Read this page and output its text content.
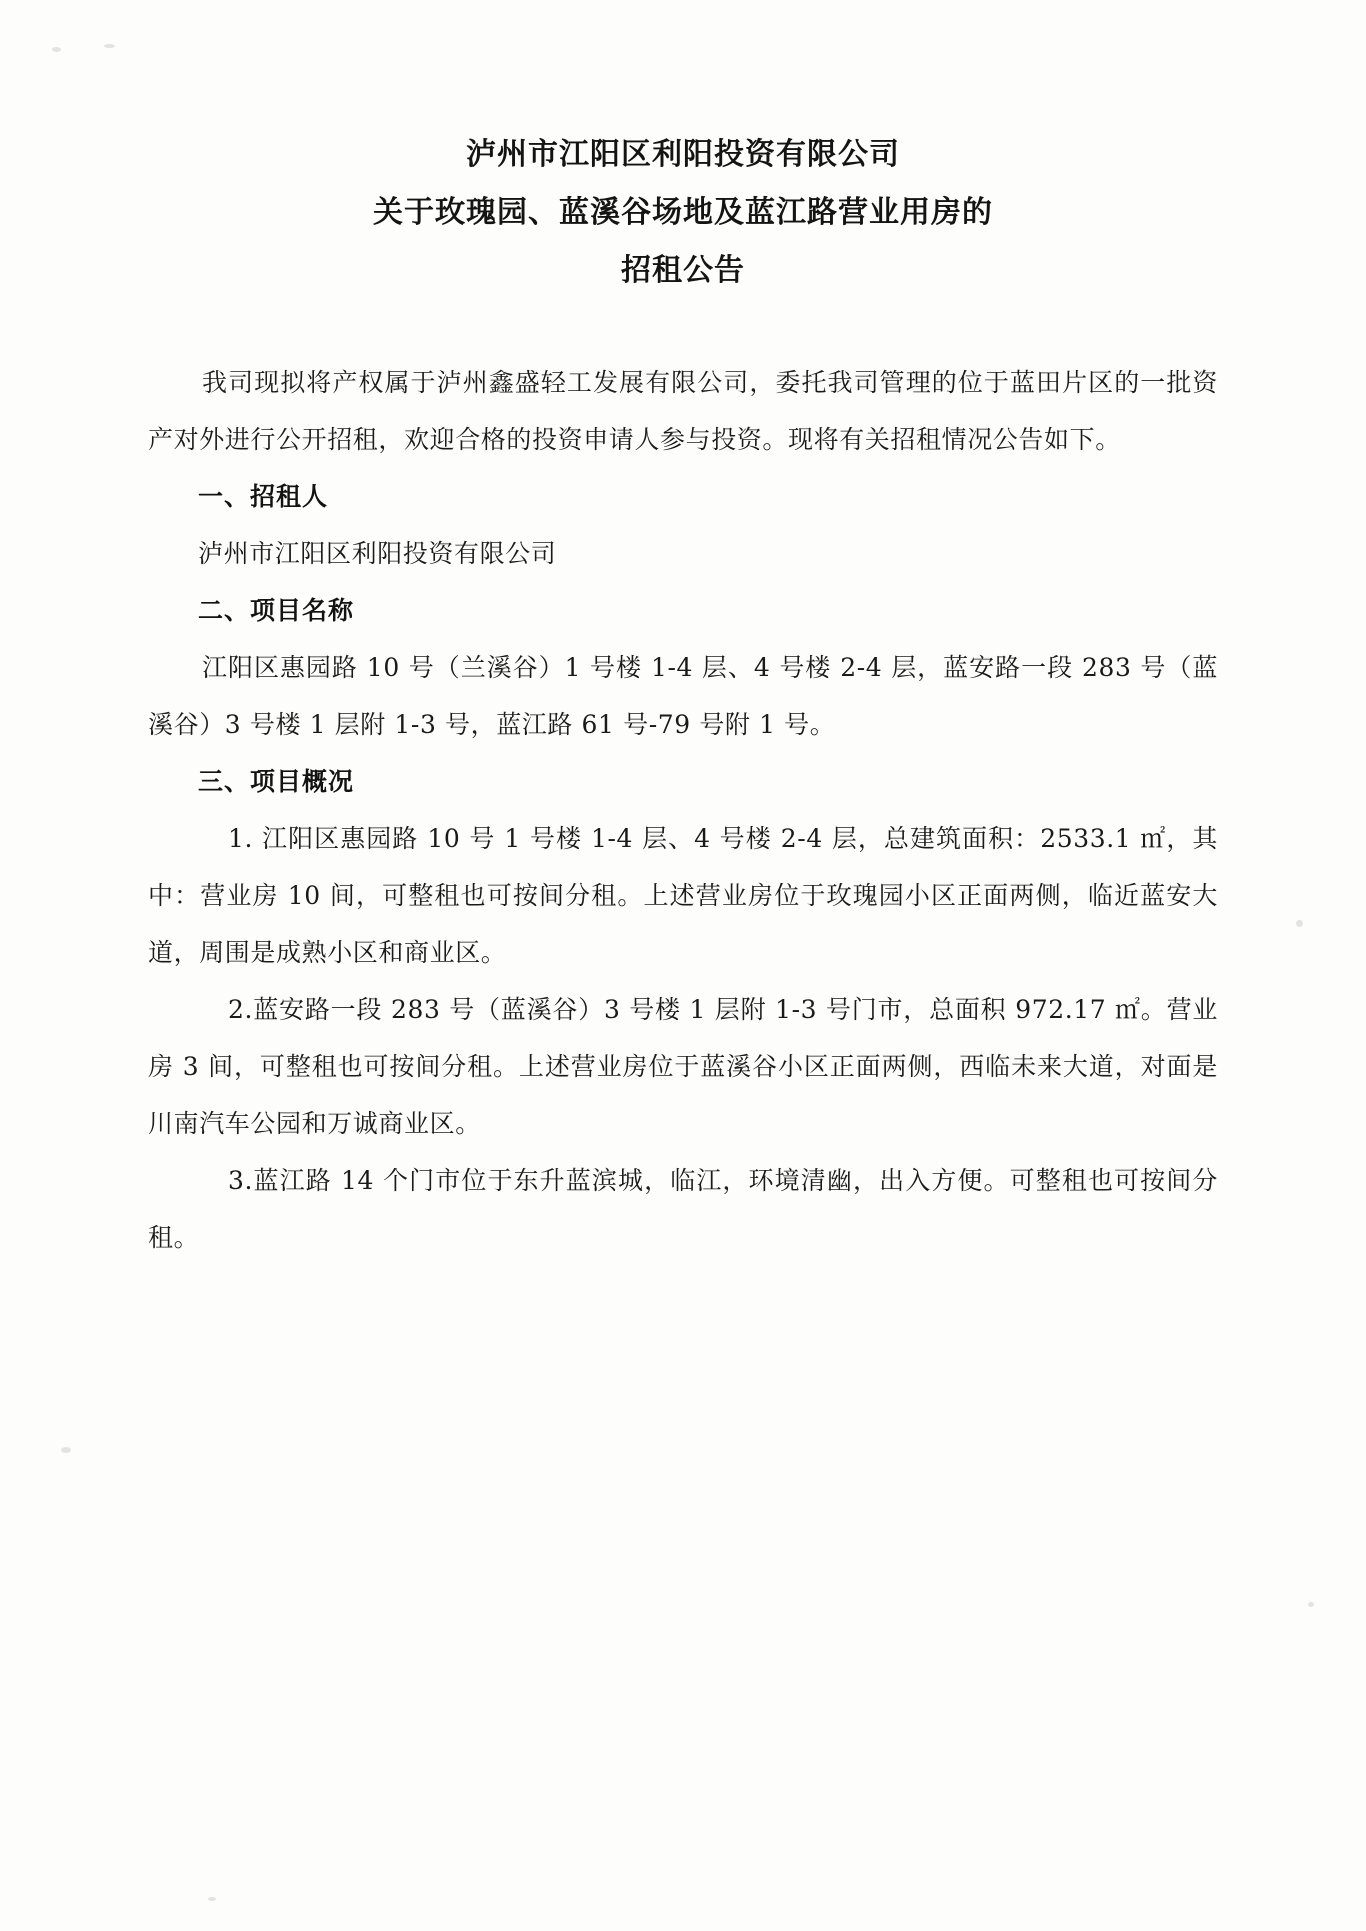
泸州市江阳区利阳投资有限公司
关于玫瑰园、蓝溪谷场地及蓝江路营业用房的
招租公告

我司现拟将产权属于泸州鑫盛轻工发展有限公司，委托我司管理的位于蓝田片区的一批资产对外进行公开招租，欢迎合格的投资申请人参与投资。现将有关招租情况公告如下。

一、招租人

泸州市江阳区利阳投资有限公司

二、项目名称

江阳区惠园路 10 号（兰溪谷）1 号楼 1-4 层、4 号楼 2-4 层，蓝安路一段 283 号（蓝溪谷）3 号楼 1 层附 1-3 号，蓝江路 61 号-79 号附 1 号。

三、项目概况

1. 江阳区惠园路 10 号 1 号楼 1-4 层、4 号楼 2-4 层，总建筑面积：2533.1 ㎡，其中：营业房 10 间，可整租也可按间分租。上述营业房位于玫瑰园小区正面两侧，临近蓝安大道，周围是成熟小区和商业区。

2.蓝安路一段 283 号（蓝溪谷）3 号楼 1 层附 1-3 号门市，总面积 972.17 ㎡。营业房 3 间，可整租也可按间分租。上述营业房位于蓝溪谷小区正面两侧，西临未来大道，对面是川南汽车公园和万诚商业区。

3.蓝江路 14 个门市位于东升蓝滨城，临江，环境清幽，出入方便。可整租也可按间分租。
